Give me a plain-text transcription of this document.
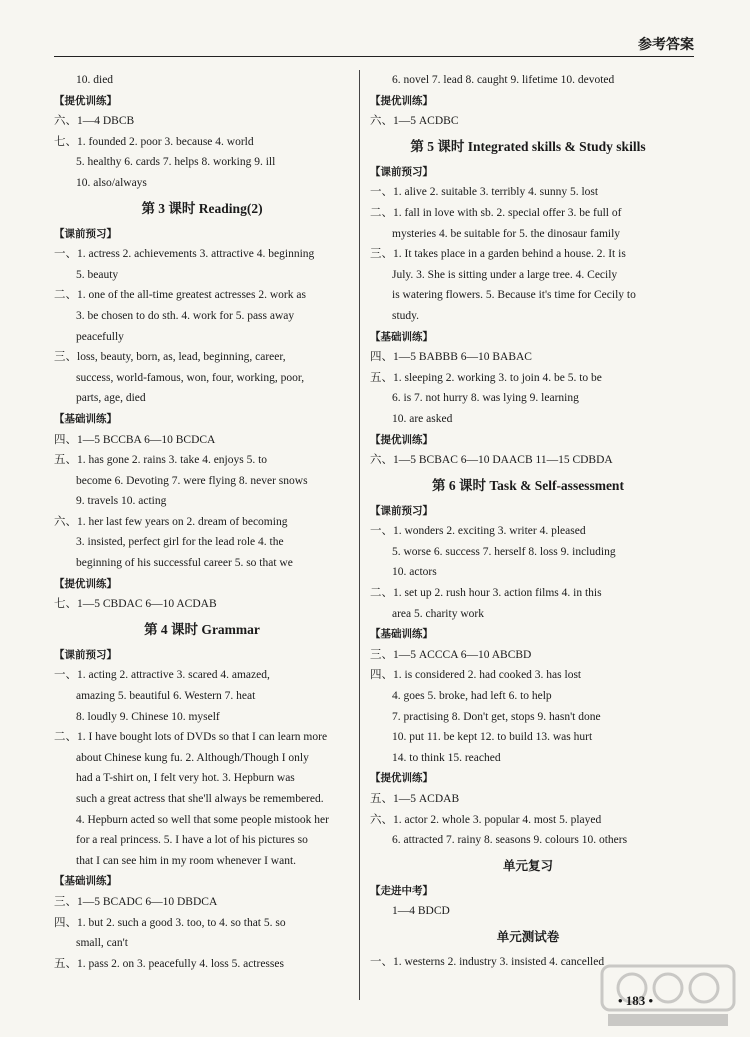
参考答案
10. died
【提优训练】
六、1—4 DBCB
七、1. founded 2. poor 3. because 4. world
5. healthy 6. cards 7. helps 8. working 9. ill
10. also/always
第 3 课时 Reading(2)
【课前预习】
一、1. actress 2. achievements 3. attractive 4. beginning
5. beauty
二、1. one of the all-time greatest actresses 2. work as
3. be chosen to do sth. 4. work for 5. pass away
peacefully
三、loss, beauty, born, as, lead, beginning, career,
success, world-famous, won, four, working, poor,
parts, age, died
【基础训练】
四、1—5 BCCBA 6—10 BCDCA
五、1. has gone 2. rains 3. take 4. enjoys 5. to
become 6. Devoting 7. were flying 8. never snows
9. travels 10. acting
六、1. her last few years on 2. dream of becoming
3. insisted, perfect girl for the lead role 4. the
beginning of his successful career 5. so that we
【提优训练】
七、1—5 CBDAC 6—10 ACDAB
第 4 课时 Grammar
【课前预习】
一、1. acting 2. attractive 3. scared 4. amazed,
amazing 5. beautiful 6. Western 7. heat
8. loudly 9. Chinese 10. myself
二、1. I have bought lots of DVDs so that I can learn more
about Chinese kung fu. 2. Although/Though I only
had a T-shirt on, I felt very hot. 3. Hepburn was
such a great actress that she'll always be remembered.
4. Hepburn acted so well that some people mistook her
for a real princess. 5. I have a lot of his pictures so
that I can see him in my room whenever I want.
【基础训练】
三、1—5 BCADC 6—10 DBDCA
四、1. but 2. such a good 3. too, to 4. so that 5. so
small, can't
五、1. pass 2. on 3. peacefully 4. loss 5. actresses
6. novel 7. lead 8. caught 9. lifetime 10. devoted
【提优训练】
六、1—5 ACDBC
第 5 课时 Integrated skills & Study skills
【课前预习】
一、1. alive 2. suitable 3. terribly 4. sunny 5. lost
二、1. fall in love with sb. 2. special offer 3. be full of
mysteries 4. be suitable for 5. the dinosaur family
三、1. It takes place in a garden behind a house. 2. It is
July. 3. She is sitting under a large tree. 4. Cecily
is watering flowers. 5. Because it's time for Cecily to
study.
【基础训练】
四、1—5 BABBB 6—10 BABAC
五、1. sleeping 2. working 3. to join 4. be 5. to be
6. is 7. not hurry 8. was lying 9. learning
10. are asked
【提优训练】
六、1—5 BCBAC 6—10 DAACB 11—15 CDBDA
第 6 课时 Task & Self-assessment
【课前预习】
一、1. wonders 2. exciting 3. writer 4. pleased
5. worse 6. success 7. herself 8. loss 9. including
10. actors
二、1. set up 2. rush hour 3. action films 4. in this
area 5. charity work
【基础训练】
三、1—5 ACCCA 6—10 ABCBD
四、1. is considered 2. had cooked 3. has lost
4. goes 5. broke, had left 6. to help
7. practising 8. Don't get, stops 9. hasn't done
10. put 11. be kept 12. to build 13. was hurt
14. to think 15. reached
【提优训练】
五、1—5 ACDAB
六、1. actor 2. whole 3. popular 4. most 5. played
6. attracted 7. rainy 8. seasons 9. colours 10. others
单元复习
【走进中考】
1—4 BDCD
单元测试卷
一、1. westerns 2. industry 3. insisted 4. cancelled
• 183 •
